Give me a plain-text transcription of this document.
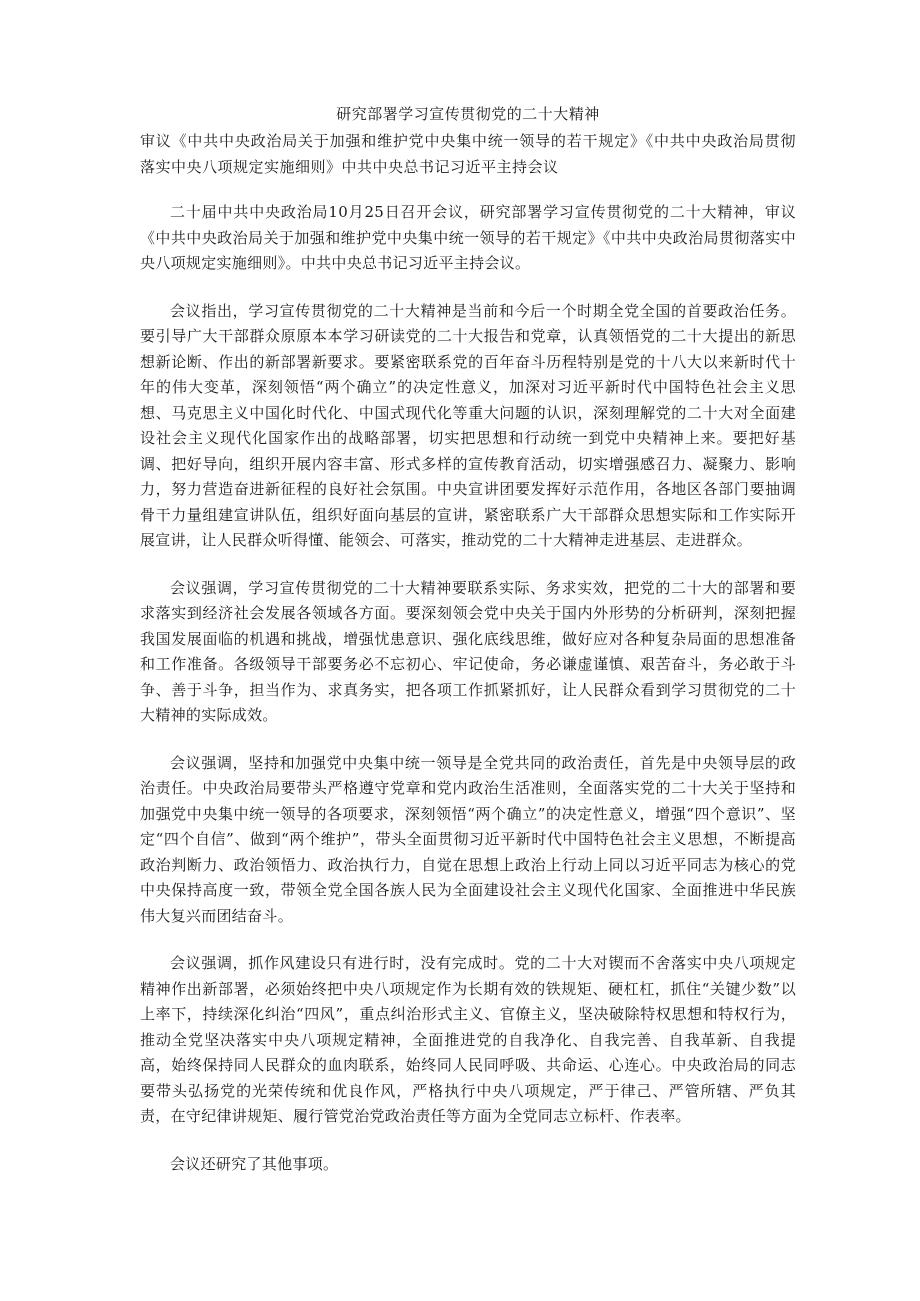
研究部署学习宣传贯彻党的二十大精神
审议《中共中央政治局关于加强和维护党中央集中统一领导的若干规定》《中共中央政治局贯彻落实中央八项规定实施细则》中共中央总书记习近平主持会议

二十届中共中央政治局10月25日召开会议，研究部署学习宣传贯彻党的二十大精神，审议《中共中央政治局关于加强和维护党中央集中统一领导的若干规定》《中共中央政治局贯彻落实中央八项规定实施细则》。中共中央总书记习近平主持会议。

会议指出，学习宣传贯彻党的二十大精神是当前和今后一个时期全党全国的首要政治任务。要引导广大干部群众原原本本学习研读党的二十大报告和党章，认真领悟党的二十大提出的新思想新论断、作出的新部署新要求。要紧密联系党的百年奋斗历程特别是党的十八大以来新时代十年的伟大变革，深刻领悟“两个确立”的决定性意义，加深对习近平新时代中国特色社会主义思想、马克思主义中国化时代化、中国式现代化等重大问题的认识，深刻理解党的二十大对全面建设社会主义现代化国家作出的战略部署，切实把思想和行动统一到党中央精神上来。要把好基调、把好导向，组织开展内容丰富、形式多样的宣传教育活动，切实增强感召力、凝聚力、影响力，努力营造奋进新征程的良好社会氛围。中央宣讲团要发挥好示范作用，各地区各部门要抽调骨干力量组建宣讲队伍，组织好面向基层的宣讲，紧密联系广大干部群众思想实际和工作实际开展宣讲，让人民群众听得懂、能领会、可落实，推动党的二十大精神走进基层、走进群众。

会议强调，学习宣传贯彻党的二十大精神要联系实际、务求实效，把党的二十大的部署和要求落实到经济社会发展各领域各方面。要深刻领会党中央关于国内外形势的分析研判，深刻把握我国发展面临的机遇和挑战，增强忧患意识、强化底线思维，做好应对各种复杂局面的思想准备和工作准备。各级领导干部要务必不忘初心、牢记使命，务必谦虚谨慎、艰苦奋斗，务必敢于斗争、善于斗争，担当作为、求真务实，把各项工作抓紧抓好，让人民群众看到学习贯彻党的二十大精神的实际成效。

会议强调，坚持和加强党中央集中统一领导是全党共同的政治责任，首先是中央领导层的政治责任。中央政治局要带头严格遵守党章和党内政治生活准则，全面落实党的二十大关于坚持和加强党中央集中统一领导的各项要求，深刻领悟“两个确立”的决定性意义，增强“四个意识”、坚定“四个自信”、做到“两个维护”，带头全面贯彻习近平新时代中国特色社会主义思想，不断提高政治判断力、政治领悟力、政治执行力，自觉在思想上政治上行动上同以习近平同志为核心的党中央保持高度一致，带领全党全国各族人民为全面建设社会主义现代化国家、全面推进中华民族伟大复兴而团结奋斗。

会议强调，抓作风建设只有进行时，没有完成时。党的二十大对锲而不舍落实中央八项规定精神作出新部署，必须始终把中央八项规定作为长期有效的铁规矩、硬杠杠，抓住“关键少数”以上率下，持续深化纠治“四风”，重点纠治形式主义、官僚主义，坚决破除特权思想和特权行为，推动全党坚决落实中央八项规定精神，全面推进党的自我净化、自我完善、自我革新、自我提高，始终保持同人民群众的血肉联系，始终同人民同呼吸、共命运、心连心。中央政治局的同志要带头弘扬党的光荣传统和优良作风，严格执行中央八项规定，严于律己、严管所辖、严负其责，在守纪律讲规矩、履行管党治党政治责任等方面为全党同志立标杆、作表率。

会议还研究了其他事项。
